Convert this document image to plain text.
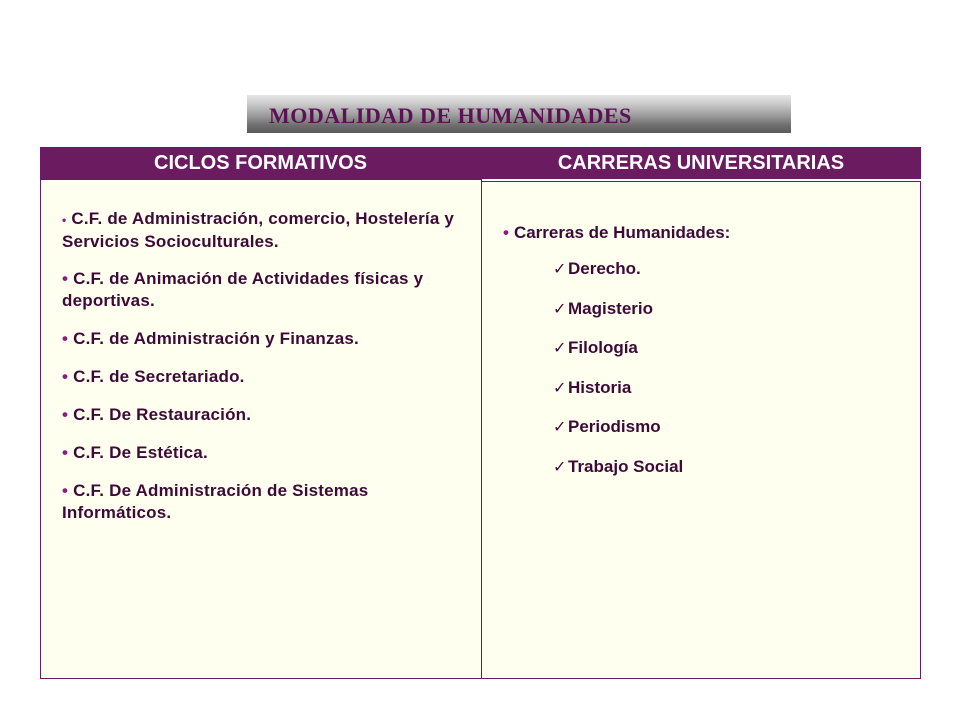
MODALIDAD DE HUMANIDADES
CICLOS FORMATIVOS	CARRERAS UNIVERSITARIAS
• C.F. de Administración, comercio, Hostelería y Servicios Socioculturales.
• C.F. de Animación de Actividades físicas y deportivas.
• C.F. de Administración y Finanzas.
• C.F. de Secretariado.
• C.F. De Restauración.
• C.F. De Estética.
• C.F. De Administración de Sistemas Informáticos.
• Carreras de Humanidades:
✓Derecho.
✓Magisterio
✓Filología
✓Historia
✓Periodismo
✓Trabajo Social
